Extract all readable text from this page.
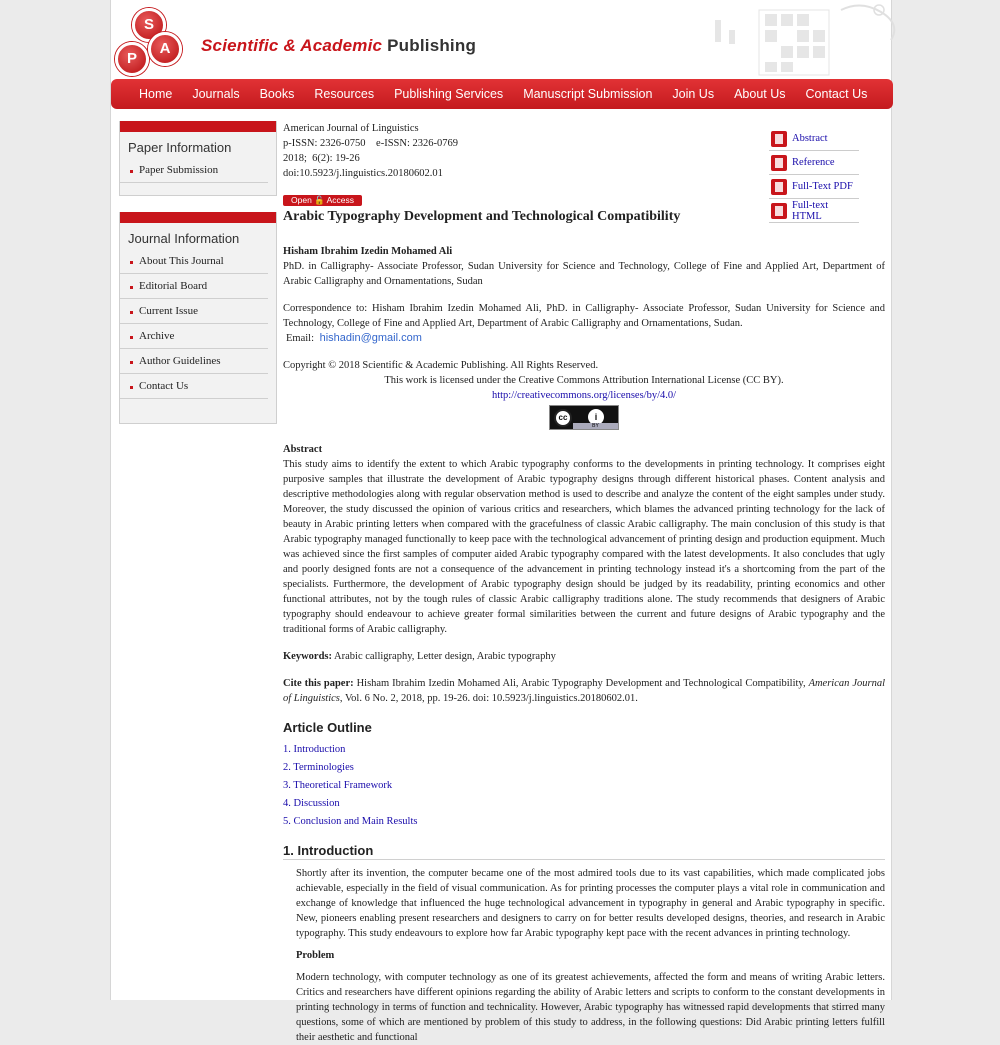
S
P
A	Scientific & Academic Publishing
Home	Journals	Books	Resources	Publishing Services	Manuscript Submission	Join Us	About Us	Contact Us
Paper Information
Paper Submission
Journal Information
About This Journal
Editorial Board
Current Issue
Archive
Author Guidelines
Contact Us
Abstract
Reference
Full-Text PDF
Full-text HTML
American Journal of Linguistics
p-ISSN: 2326-0750    e-ISSN: 2326-0769
2018;  6(2): 19-26
doi:10.5923/j.linguistics.20180602.01
Open 🔓 Access
Arabic Typography Development and Technological Compatibility
Hisham Ibrahim Izedin Mohamed Ali
PhD. in Calligraphy- Associate Professor, Sudan University for Science and Technology, College of Fine and Applied Art, Department of Arabic Calligraphy and Ornamentations, Sudan
Correspondence to: Hisham Ibrahim Izedin Mohamed Ali, PhD. in Calligraphy- Associate Professor, Sudan University for Science and Technology, College of Fine and Applied Art, Department of Arabic Calligraphy and Ornamentations, Sudan.
Email: hishadin@gmail.com
Copyright © 2018 Scientific & Academic Publishing. All Rights Reserved.
This work is licensed under the Creative Commons Attribution International License (CC BY).
http://creativecommons.org/licenses/by/4.0/
cc	i
BY
Abstract
This study aims to identify the extent to which Arabic typography conforms to the developments in printing technology. It comprises eight purposive samples that illustrate the development of Arabic typography designs through different historical phases. Content analysis and descriptive methodologies along with regular observation method is used to describe and analyze the content of the eight samples under study. Moreover, the study discussed the opinion of various critics and researchers, which blames the advanced printing technology for the lack of beauty in Arabic printing letters when compared with the gracefulness of classic Arabic calligraphy. The main conclusion of this study is that Arabic typography managed functionally to keep pace with the technological advancement of printing design and production equipment. Much was achieved since the first samples of computer aided Arabic typography compared with the latest developments. It also concludes that ugly and poorly designed fonts are not a consequence of the advancement in printing technology instead it's a shortcoming from the part of the specialists. Furthermore, the development of Arabic typography design should be judged by its readability, printing economics and other functional attributes, not by the tough rules of classic Arabic calligraphy traditions alone. The study recommends that designers of Arabic typography should endeavour to achieve greater formal similarities between the current and future designs of Arabic typography and the traditional forms of Arabic calligraphy.
Keywords: Arabic calligraphy, Letter design, Arabic typography
Cite this paper: Hisham Ibrahim Izedin Mohamed Ali, Arabic Typography Development and Technological Compatibility, American Journal of Linguistics, Vol. 6 No. 2, 2018, pp. 19-26. doi: 10.5923/j.linguistics.20180602.01.
Article Outline
1. Introduction
2. Terminologies
3. Theoretical Framework
4. Discussion
5. Conclusion and Main Results
1. Introduction
Shortly after its invention, the computer became one of the most admired tools due to its vast capabilities, which made complicated jobs achievable, especially in the field of visual communication. As for printing processes the computer plays a vital role in communication and exchange of knowledge that influenced the huge technological advancement in typography in general and Arabic typography in specific. New, pioneers enabling present researchers and designers to carry on for better results developed designs, theories, and research in Arabic typography. This study endeavours to explore how far Arabic typography kept pace with the recent advances in printing technology.
Problem
Modern technology, with computer technology as one of its greatest achievements, affected the form and means of writing Arabic letters. Critics and researchers have different opinions regarding the ability of Arabic letters and scripts to conform to the constant developments in printing technology in terms of function and technicality. However, Arabic typography has witnessed rapid developments that stirred many questions, some of which are mentioned by problem of this study to address, in the following questions: Did Arabic printing letters fulfill their aesthetic and functional
